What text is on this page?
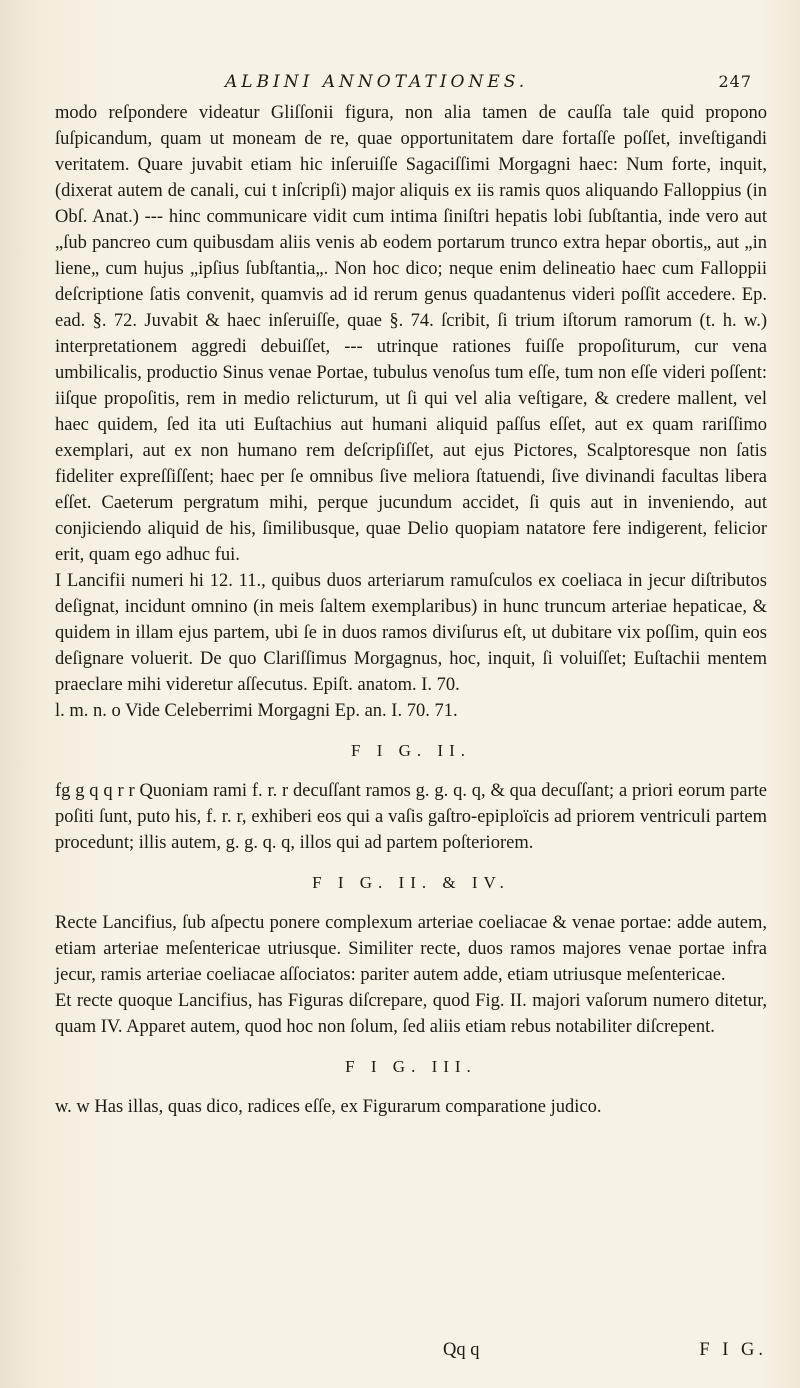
ALBINI ANNOTATIONES.	247

modo reſpondere videatur Gliſſonii figura, non alia tamen de cauſſa tale quid propono ſuſpicandum, quam ut moneam de re, quae opportunitatem dare fortaſſe poſſet, inveſtigandi veritatem. Quare juvabit etiam hic inſeruiſſe Sagaciſſimi Morgagni haec: Num forte, inquit, (dixerat autem de canali, cui t inſcripſi) major aliquis ex iis ramis quos aliquando Falloppius (in Obſ. Anat.) --- hinc communicare vidit cum intima ſiniſtri hepatis lobi ſubſtantia, inde vero aut „ſub pancreo cum quibusdam aliis venis ab eodem portarum trunco extra hepar obortis„ aut „in liene„ cum hujus „ipſius ſubſtantia„. Non hoc dico; neque enim delineatio haec cum Falloppii deſcriptione ſatis convenit, quamvis ad id rerum genus quadantenus videri poſſit accedere. Ep. ead. §. 72. Juvabit & haec inſeruiſſe, quae §. 74. ſcribit, ſi trium iſtorum ramorum (t. h. w.) interpretationem aggredi debuiſſet, --- utrinque rationes fuiſſe propoſiturum, cur vena umbilicalis, productio Sinus venae Portae, tubulus venoſus tum eſſe, tum non eſſe videri poſſent: iiſque propoſitis, rem in medio relicturum, ut ſi qui vel alia veſtigare, & credere mallent, vel haec quidem, ſed ita uti Euſtachius aut humani aliquid paſſus eſſet, aut ex quam rariſſimo exemplari, aut ex non humano rem deſcripſiſſet, aut ejus Pictores, Scalptoresque non ſatis fideliter expreſſiſſent; haec per ſe omnibus ſive meliora ſtatuendi, ſive divinandi facultas libera eſſet. Caeterum pergratum mihi, perque jucundum accidet, ſi quis aut in inveniendo, aut conjiciendo aliquid de his, ſimilibusque, quae Delio quopiam natatore fere indigerent, felicior erit, quam ego adhuc fui.

I Lancifii numeri hi 12. 11., quibus duos arteriarum ramuſculos ex coeliaca in jecur diſtributos deſignat, incidunt omnino (in meis ſaltem exemplaribus) in hunc truncum arteriae hepaticae, & quidem in illam ejus partem, ubi ſe in duos ramos diviſurus eſt, ut dubitare vix poſſim, quin eos deſignare voluerit. De quo Clariſſimus Morgagnus, hoc, inquit, ſi voluiſſet; Euſtachii mentem praeclare mihi videretur aſſecutus. Epiſt. anatom. I. 70.

l. m. n. o Vide Celeberrimi Morgagni Ep. an. I. 70. 71.

F I G. II.

fg g q q r r Quoniam rami f. r. r decuſſant ramos g. g. q. q, & qua decuſſant; a priori eorum parte poſiti ſunt, puto his, f. r. r, exhiberi eos qui a vaſis gaſtro-epiploïcis ad priorem ventriculi partem procedunt; illis autem, g. g. q. q, illos qui ad partem poſteriorem.

F I G. II. & IV.

Recte Lancifius, ſub aſpectu ponere complexum arteriae coeliacae & venae portae: adde autem, etiam arteriae meſentericae utriusque. Similiter recte, duos ramos majores venae portae infra jecur, ramis arteriae coeliacae aſſociatos: pariter autem adde, etiam utriusque meſentericae.

Et recte quoque Lancifius, has Figuras diſcrepare, quod Fig. II. majori vaſorum numero ditetur, quam IV. Apparet autem, quod hoc non ſolum, ſed aliis etiam rebus notabiliter diſcrepent.

F I G. III.

w. w Has illas, quas dico, radices eſſe, ex Figurarum comparatione judico.

Qq q	F I G.
